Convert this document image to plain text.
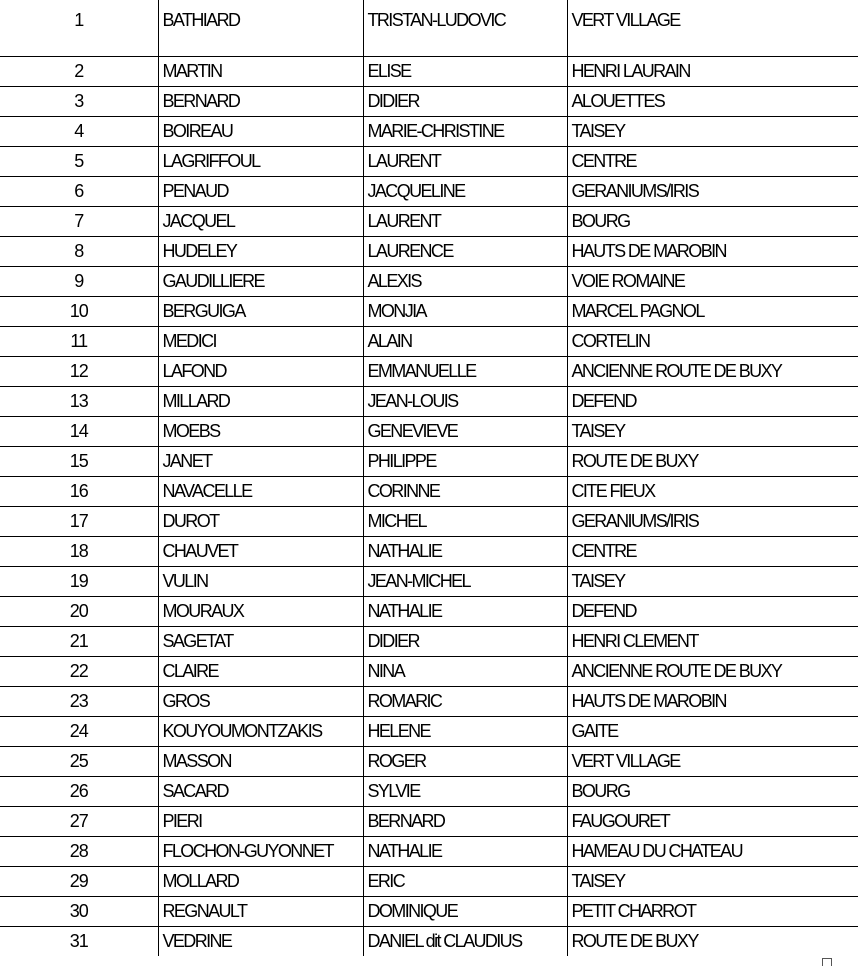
1	BATHIARD	TRISTAN-LUDOVIC	VERT VILLAGE
2	MARTIN	ELISE	HENRI LAURAIN
3	BERNARD	DIDIER	ALOUETTES
4	BOIREAU	MARIE-CHRISTINE	TAISEY
5	LAGRIFFOUL	LAURENT	CENTRE
6	PENAUD	JACQUELINE	GERANIUMS/IRIS
7	JACQUEL	LAURENT	BOURG
8	HUDELEY	LAURENCE	HAUTS DE MAROBIN
9	GAUDILLIERE	ALEXIS	VOIE ROMAINE
10	BERGUIGA	MONJIA	MARCEL PAGNOL
11	MEDICI	ALAIN	CORTELIN
12	LAFOND	EMMANUELLE	ANCIENNE ROUTE DE BUXY
13	MILLARD	JEAN-LOUIS	DEFEND
14	MOEBS	GENEVIEVE	TAISEY
15	JANET	PHILIPPE	ROUTE DE BUXY
16	NAVACELLE	CORINNE	CITE FIEUX
17	DUROT	MICHEL	GERANIUMS/IRIS
18	CHAUVET	NATHALIE	CENTRE
19	VULIN	JEAN-MICHEL	TAISEY
20	MOURAUX	NATHALIE	DEFEND
21	SAGETAT	DIDIER	HENRI CLEMENT
22	CLAIRE	NINA	ANCIENNE ROUTE DE BUXY
23	GROS	ROMARIC	HAUTS DE MAROBIN
24	KOUYOUMONTZAKIS	HELENE	GAITE
25	MASSON	ROGER	VERT VILLAGE
26	SACARD	SYLVIE	BOURG
27	PIERI	BERNARD	FAUGOURET
28	FLOCHON-GUYONNET	NATHALIE	HAMEAU DU CHATEAU
29	MOLLARD	ERIC	TAISEY
30	REGNAULT	DOMINIQUE	PETIT CHARROT
31	VEDRINE	DANIEL dit CLAUDIUS	ROUTE DE BUXY
